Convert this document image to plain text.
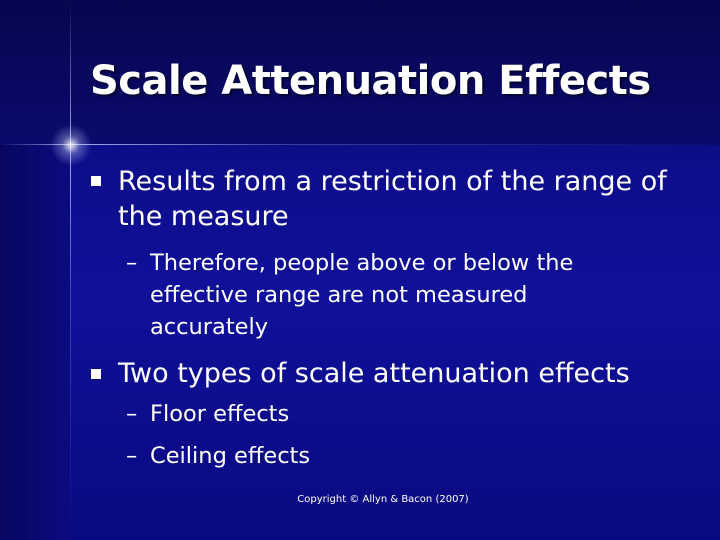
Scale Attenuation Effects
Results from a restriction of the range of the measure
– Therefore, people above or below the effective range are not measured accurately
Two types of scale attenuation effects
– Floor effects
– Ceiling effects
Copyright © Allyn & Bacon (2007)
